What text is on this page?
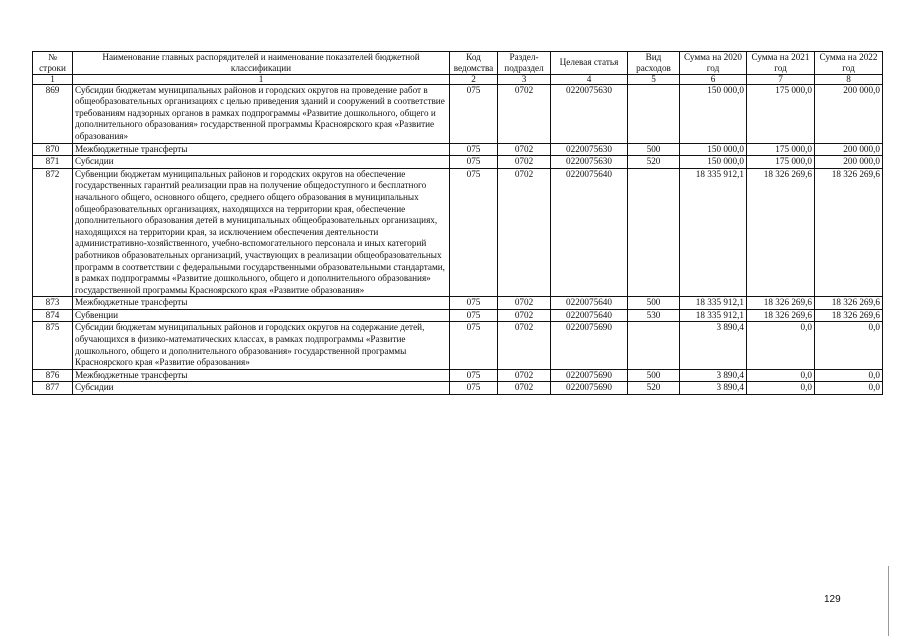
№ строки	Наименование главных распорядителей и наименование показателей бюджетной классификации	Код ведомства	Раздел-подраздел	Целевая статья	Вид расходов	Сумма на 2020 год	Сумма на 2021 год	Сумма на 2022 год
1	1	2	3	4	5	6	7	8
869	Субсидии бюджетам муниципальных районов и городских округов на проведение работ в общеобразовательных организациях с целью приведения зданий и сооружений в соответствие требованиям надзорных органов в рамках подпрограммы «Развитие дошкольного, общего и дополнительного образования» государственной программы Красноярского края «Развитие образования»	075	0702	0220075630		150 000,0	175 000,0	200 000,0
870	Межбюджетные трансферты	075	0702	0220075630	500	150 000,0	175 000,0	200 000,0
871	Субсидии	075	0702	0220075630	520	150 000,0	175 000,0	200 000,0
872	Субвенции бюджетам муниципальных районов и городских округов на обеспечение государственных гарантий реализации прав на получение общедоступного и бесплатного начального общего, основного общего, среднего общего образования в муниципальных общеобразовательных организациях, находящихся на территории края, обеспечение дополнительного образования детей в муниципальных общеобразовательных организациях, находящихся на территории края, за исключением обеспечения деятельности административно-хозяйственного, учебно-вспомогательного персонала и иных категорий работников образовательных организаций, участвующих в реализации общеобразовательных программ в соответствии с федеральными государственными образовательными стандартами, в рамках подпрограммы «Развитие дошкольного, общего и дополнительного образования» государственной программы Красноярского края «Развитие образования»	075	0702	0220075640		18 335 912,1	18 326 269,6	18 326 269,6
873	Межбюджетные трансферты	075	0702	0220075640	500	18 335 912,1	18 326 269,6	18 326 269,6
874	Субвенции	075	0702	0220075640	530	18 335 912,1	18 326 269,6	18 326 269,6
875	Субсидии бюджетам муниципальных районов и городских округов на содержание детей, обучающихся в физико-математических классах, в рамках подпрограммы «Развитие дошкольного, общего и дополнительного образования» государственной программы Красноярского края «Развитие образования»	075	0702	0220075690		3 890,4	0,0	0,0
876	Межбюджетные трансферты	075	0702	0220075690	500	3 890,4	0,0	0,0
877	Субсидии	075	0702	0220075690	520	3 890,4	0,0	0,0
129
